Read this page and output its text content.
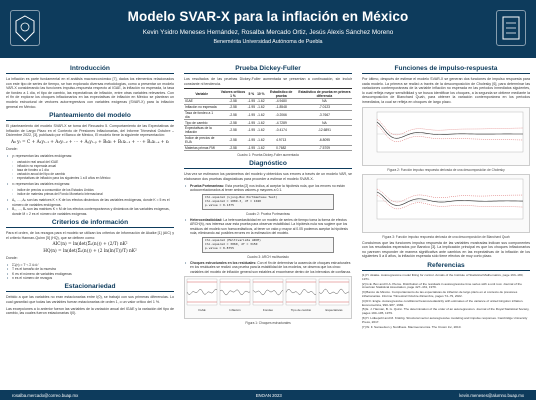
Modelo SVAR-X para la inflación en México
Kevin Ysidro Meneses Hernández, Rosalba Mercado Ortiz, Jesús Alexis Sánchez Moreno
Benemérita Universidad Autónoma de Puebla
Introducción
La inflación es parte fundamental en el análisis macroeconómico [7], dados los elementos relacionados con este tipo de series de tiempo, se han explorado diversas metodologías, como a presentar un modelo VAR-X considerando las funciones impulso-respuesta respecto al IGAE, la inflación no esperada, la tasa de fondeo a 1 día, el tipo de cambio, las expectativas de inflación, entre otras variables relevantes. Con el fin de explorar los choques inflacionarios en las expectativas de inflación en México se plantean un modelo estructural de vectores autorregresivos con variables exógenas (SVAR-X) para la inflación general en México.
Planteamiento del modelo
El planteamiento del modelo SVAR-X se toma del Recuadro 5. Comportamiento de las Expectativas de Inflación de Largo Plazo en el Contexto de Presiones Inflacionarias, del Informe Trimestral Octubre – Diciembre 2022, [3], publicado por el Banco de México, El modelo tiene la siguiente representación:
A₀ yₜ = C + A₁yₜ₋₁ + A₂yₜ₋₂ + ⋯ + Aₚyₜ₋ₚ + B₀xₜ + B₁xₜ₋₁ + ⋯ + Bₑxₜ₋ₑ + εₜ
Donde:
• yₜ representan las variables endógenas:
◦ variación real anual del IGAE
◦ inflación no esperada anual
◦ tasa de fondeo a 1 día
◦ variación anual del tipo de cambio
◦ expectativas de inflación para los siguientes 1 a 8 años en México
• xₜ representan las variables exógenas:
◦ índice de precios a consumidor de los Estados Unidos
◦ índice de materias primas del Fondo Monetario Internacional
• A₁, …, Aₚ son las matrices K × K de los efectos dinámicos de las variables endógenas, donde K = 5 es el número de variables endógenas.
• B₀, …, Bₑ son las matrices K × M de los efectos contemporáneos y dinámicos de las variables exógenas, donde M = 2 es el número de variables exógenas.
Criterios de información
Para el orden, de los rezagos para el modelo se utilizan los criterios de Información de Akaike [1] (AIC) y el criterio Hannan-Quinn [5] (HQ), que se definen como:
AIC(n) = ln(det(Σ̃ᵤ(n))) + (2/T) nK²
HQ(n) = ln(det(Σ̃ᵤ(n))) + (2 ln(ln(T))/T) nK²
Donde:
• Σ̃ᵤ(n) = T⁻¹ Σ ûₜûₜ′
• T es el tamaño de la muestra
• K es el número de variables endógenas
• n es el número de rezagos
Estacionariedad
Debido a que las variables no eran estacionarias entre I(0), se trabajó con sus primeras diferencias. Lo cual garantizó que todas las variables fueran estacionarias de orden 1, o un valor crítico del 1 %.
Las excepciones a lo anterior fueron las variables de la variación anual del IGAE y la variación del tipo de cambio, las cuales fueron estacionarias I(0).
Prueba Dickey-Fuller
Los resultados de las pruebas Dickey-Fuller aumentada se presentan a continuación, sin incluir constante ni tendencia.
Variable	Valores críticos 1 %	5 %	10 %	Estadístico de prueba	Estadístico de prueba en primera diferencia
IGAE	-2.58	-1.95	-1.62	-4.9480	NA
Inflación no esperada	-2.58	-1.95	-1.62	-1.8548	-7.0123
Tasa de fondeo a 1 día	-2.58	-1.95	-1.62	-0.2066	-3.7667
Tipo de cambio	-2.58	-1.95	-1.62	-4.7289	NA
Expectativas de la inflación	-2.58	-1.95	-1.62	-0.4174	-12.6891
Índice de precios de EUA	-2.58	-1.95	-1.62	4.9713	-6.8095
Materias primas FMI	-2.58	-1.95	-1.62	0.7682	-7.5709
Cuadro 1: Prueba Dickey-Fuller aumentada
Diagnóstico
Una vez se estimaron los parámetros del modelo y obtenidos sus errores a través de un modelo VAR, se elaboraron dos pruebas diagnósticas para proceder a estimar el modelo SVAR-X.
• Prueba Portmanteau: Esta prueba [2] nos indica, al aceptar la hipótesis nula, que los errores no están autocorrelacionados al tener ambos valores-p mayores a 0.1.
Chi-squared (Ljung-Box Portmanteau Test)
Chi-squared = 1089.3, df = 1040
p-value = 0.1375
Cuadro 2: Prueba Portmanteau
• Heterocedasticidad: La heterocedasticidad en un modelo de series de tiempo toma la forma de efectos ARCH(h), nos interesa usar esta prueba para observar estabilidad. La hipótesis nula nos sugiere que los residuos del modelo son homocedásticos, al tener un valor-p mayor al 0.05 podemos aceptar la hipótesis nula, eliminando así posibles errores en la estimación del modelo.
Chi-squared (Multivariate ARCH)
Chi-squared = 3060, df = 3150
p-value = 0.8755
Cuadro 3: ARCH multivariado
• Choques estructurales en los residuales: Con el fin de determinar la ausencia de choques estructurales en los residuales se realizó una prueba para la estabilidad de los modelos, se observa que los cinco variables del modelo de inflación general son estables al encontrarse dentro de los intervalos de confianza.
IGAE	Inflación	Fondeo	Tipo de cambio	Expectativas
Figura 1: Choques estructurales
Funciones de impulso-respuesta
Por último, después de estimar el modelo SVAR-X se generan dos funciones de impulso respuesta para cada modelo. La primera se realizó a través de la descomposición de Cholesky [6], para determinar las variaciones contemporáneas de la variable inflación no esperada en las periodos inmediatos siguientes, lo cual refleja mayor sensibilidad y se busca identificar los choques, a la segunda se obtiene mediante la descomposición de Blanchard Quah, para obtener la variación contemporánea en los periodos inmediatos, la cual se refleja en choques de largo plazo.
Figura 2: Función impulso respuesta derivada de una descomposición de Cholesky
Figura 3: Función impulso respuesta derivada de una descomposición de Blanchard Quah
Concluimos que las funciones impulso respuesta de las variables mostradas indican sus componentes con los resultados esperados por Banxico [3]. La implicación principal es que los choques inflacionarios no parecen responder de manera significativa ante cambios en las expectativas de la inflación de los siguientes 5 a 8 años, la inflación esperada sólo tiene efectos de muy corto plazo.
Referencias
[1] H. Akaike. Autoregressive model fitting for control. Annals of the Institute of Statistical Mathematics, page 163–180, 1971.
[2] G.E. Box and D.A. Pierce. Distribution of the residuals in autoregressive time series with a unit root. Journal of the American Statistical Association, page 427–431, 1979.
[3] Banco de México. Comportamiento de las expectativas de inflación de largo plazo en el contexto de presiones inflacionarias. Informe Trimestral Octubre-Diciembre, pages 74–79, 2022.
[4] R.F. Engle. Autoregressive conditional heteroscedasticity with estimates of the variance of united kingdom inflation. Econometrica, 990–987, 1982.
[5] E. J. Hannan, B. G. Quinn. The determination of the order of an autoregression. Journal of the Royal Statistical Society, pages 190–195, 1979.
[6] H. Lütkepohl and M. Krätzig. Structural vector autoregressive modeling and impulse responses. Cambridge University Press, 2017.
[7] W. F. Samuelson y Nordhaus. Macroeconomía. The Crown Inc, 2010.
rosalba.mercado@correo.buap.mx	ENOAN 2023	kevin.meneses@alumno.buap.mx
